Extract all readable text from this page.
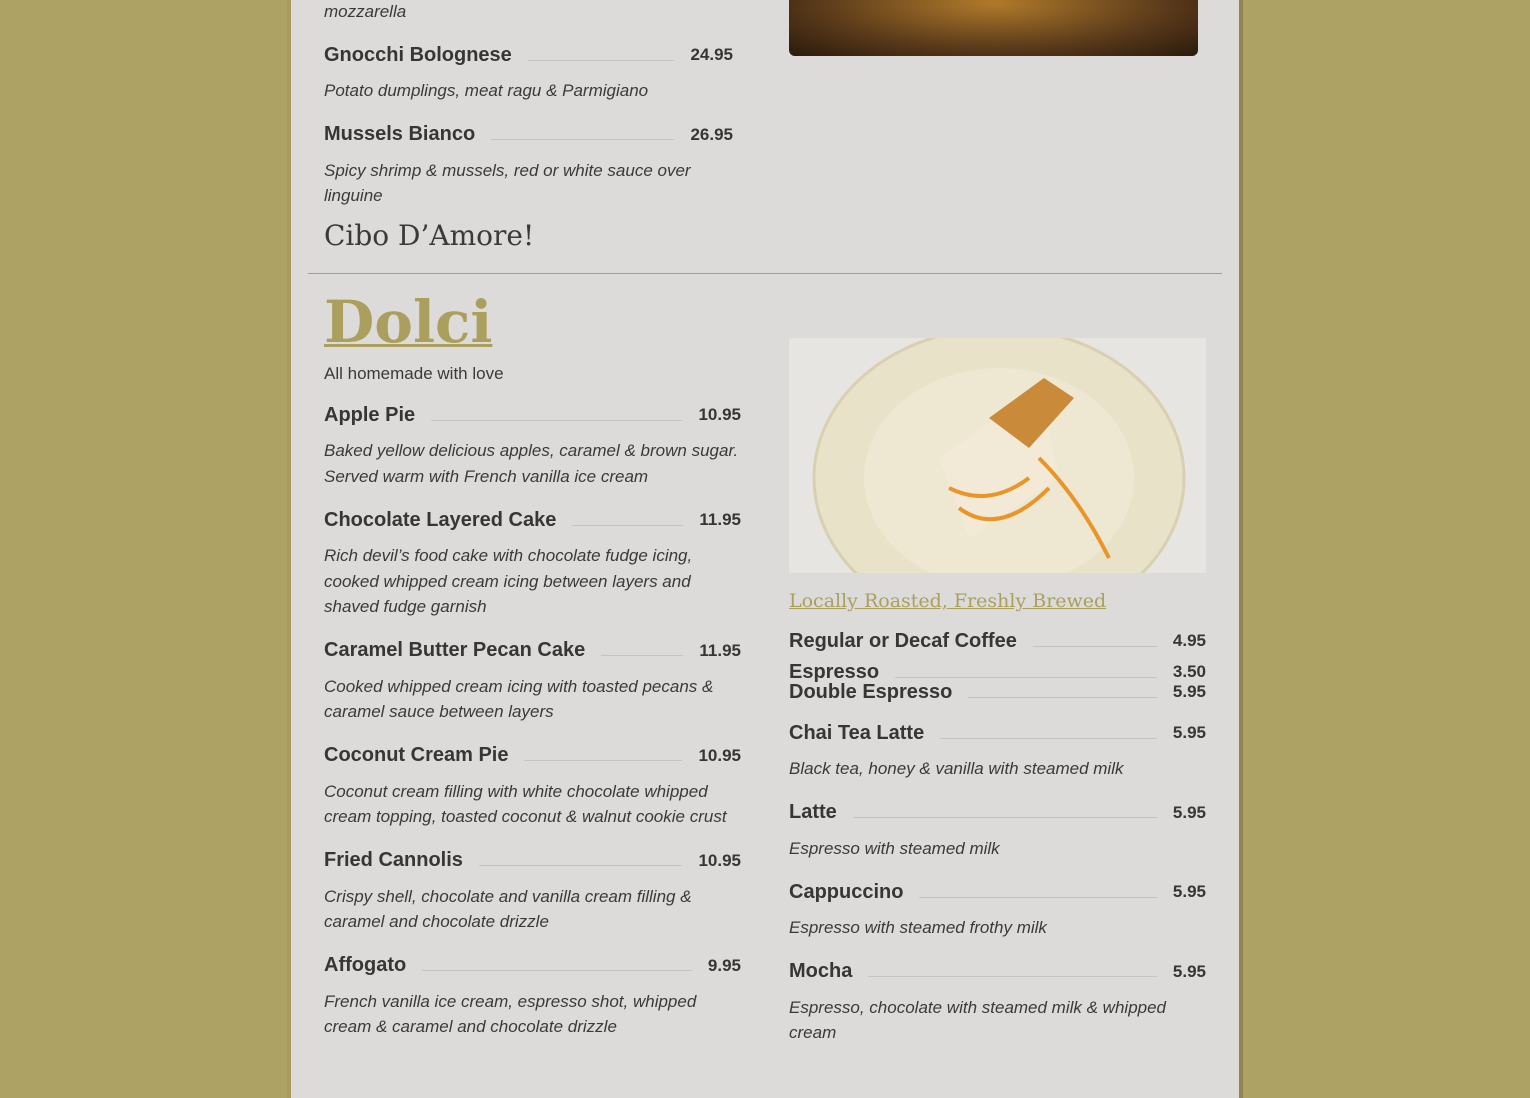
mozzarella
Gnocchi Bolognese	24.95
Potato dumplings, meat ragu & Parmigiano
Mussels Bianco	26.95
Spicy shrimp & mussels, red or white sauce over linguine
Cibo D’Amore!
Dolci
All homemade with love
Apple Pie	10.95
Baked yellow delicious apples, caramel & brown sugar. Served warm with French vanilla ice cream
Chocolate Layered Cake	11.95
Rich devil’s food cake with chocolate fudge icing, cooked whipped cream icing between layers and shaved fudge garnish
Caramel Butter Pecan Cake	11.95
Cooked whipped cream icing with toasted pecans & caramel sauce between layers
Coconut Cream Pie	10.95
Coconut cream filling with white chocolate whipped cream topping, toasted coconut & walnut cookie crust
Fried Cannolis	10.95
Crispy shell, chocolate and vanilla cream filling & caramel and chocolate drizzle
Affogato	9.95
French vanilla ice cream, espresso shot, whipped cream & caramel and chocolate drizzle
Locally Roasted, Freshly Brewed
Regular or Decaf Coffee	4.95
Espresso	3.50
Double Espresso	5.95
Chai Tea Latte	5.95
Black tea, honey & vanilla with steamed milk
Latte	5.95
Espresso with steamed milk
Cappuccino	5.95
Espresso with steamed frothy milk
Mocha	5.95
Espresso, chocolate with steamed milk & whipped cream
